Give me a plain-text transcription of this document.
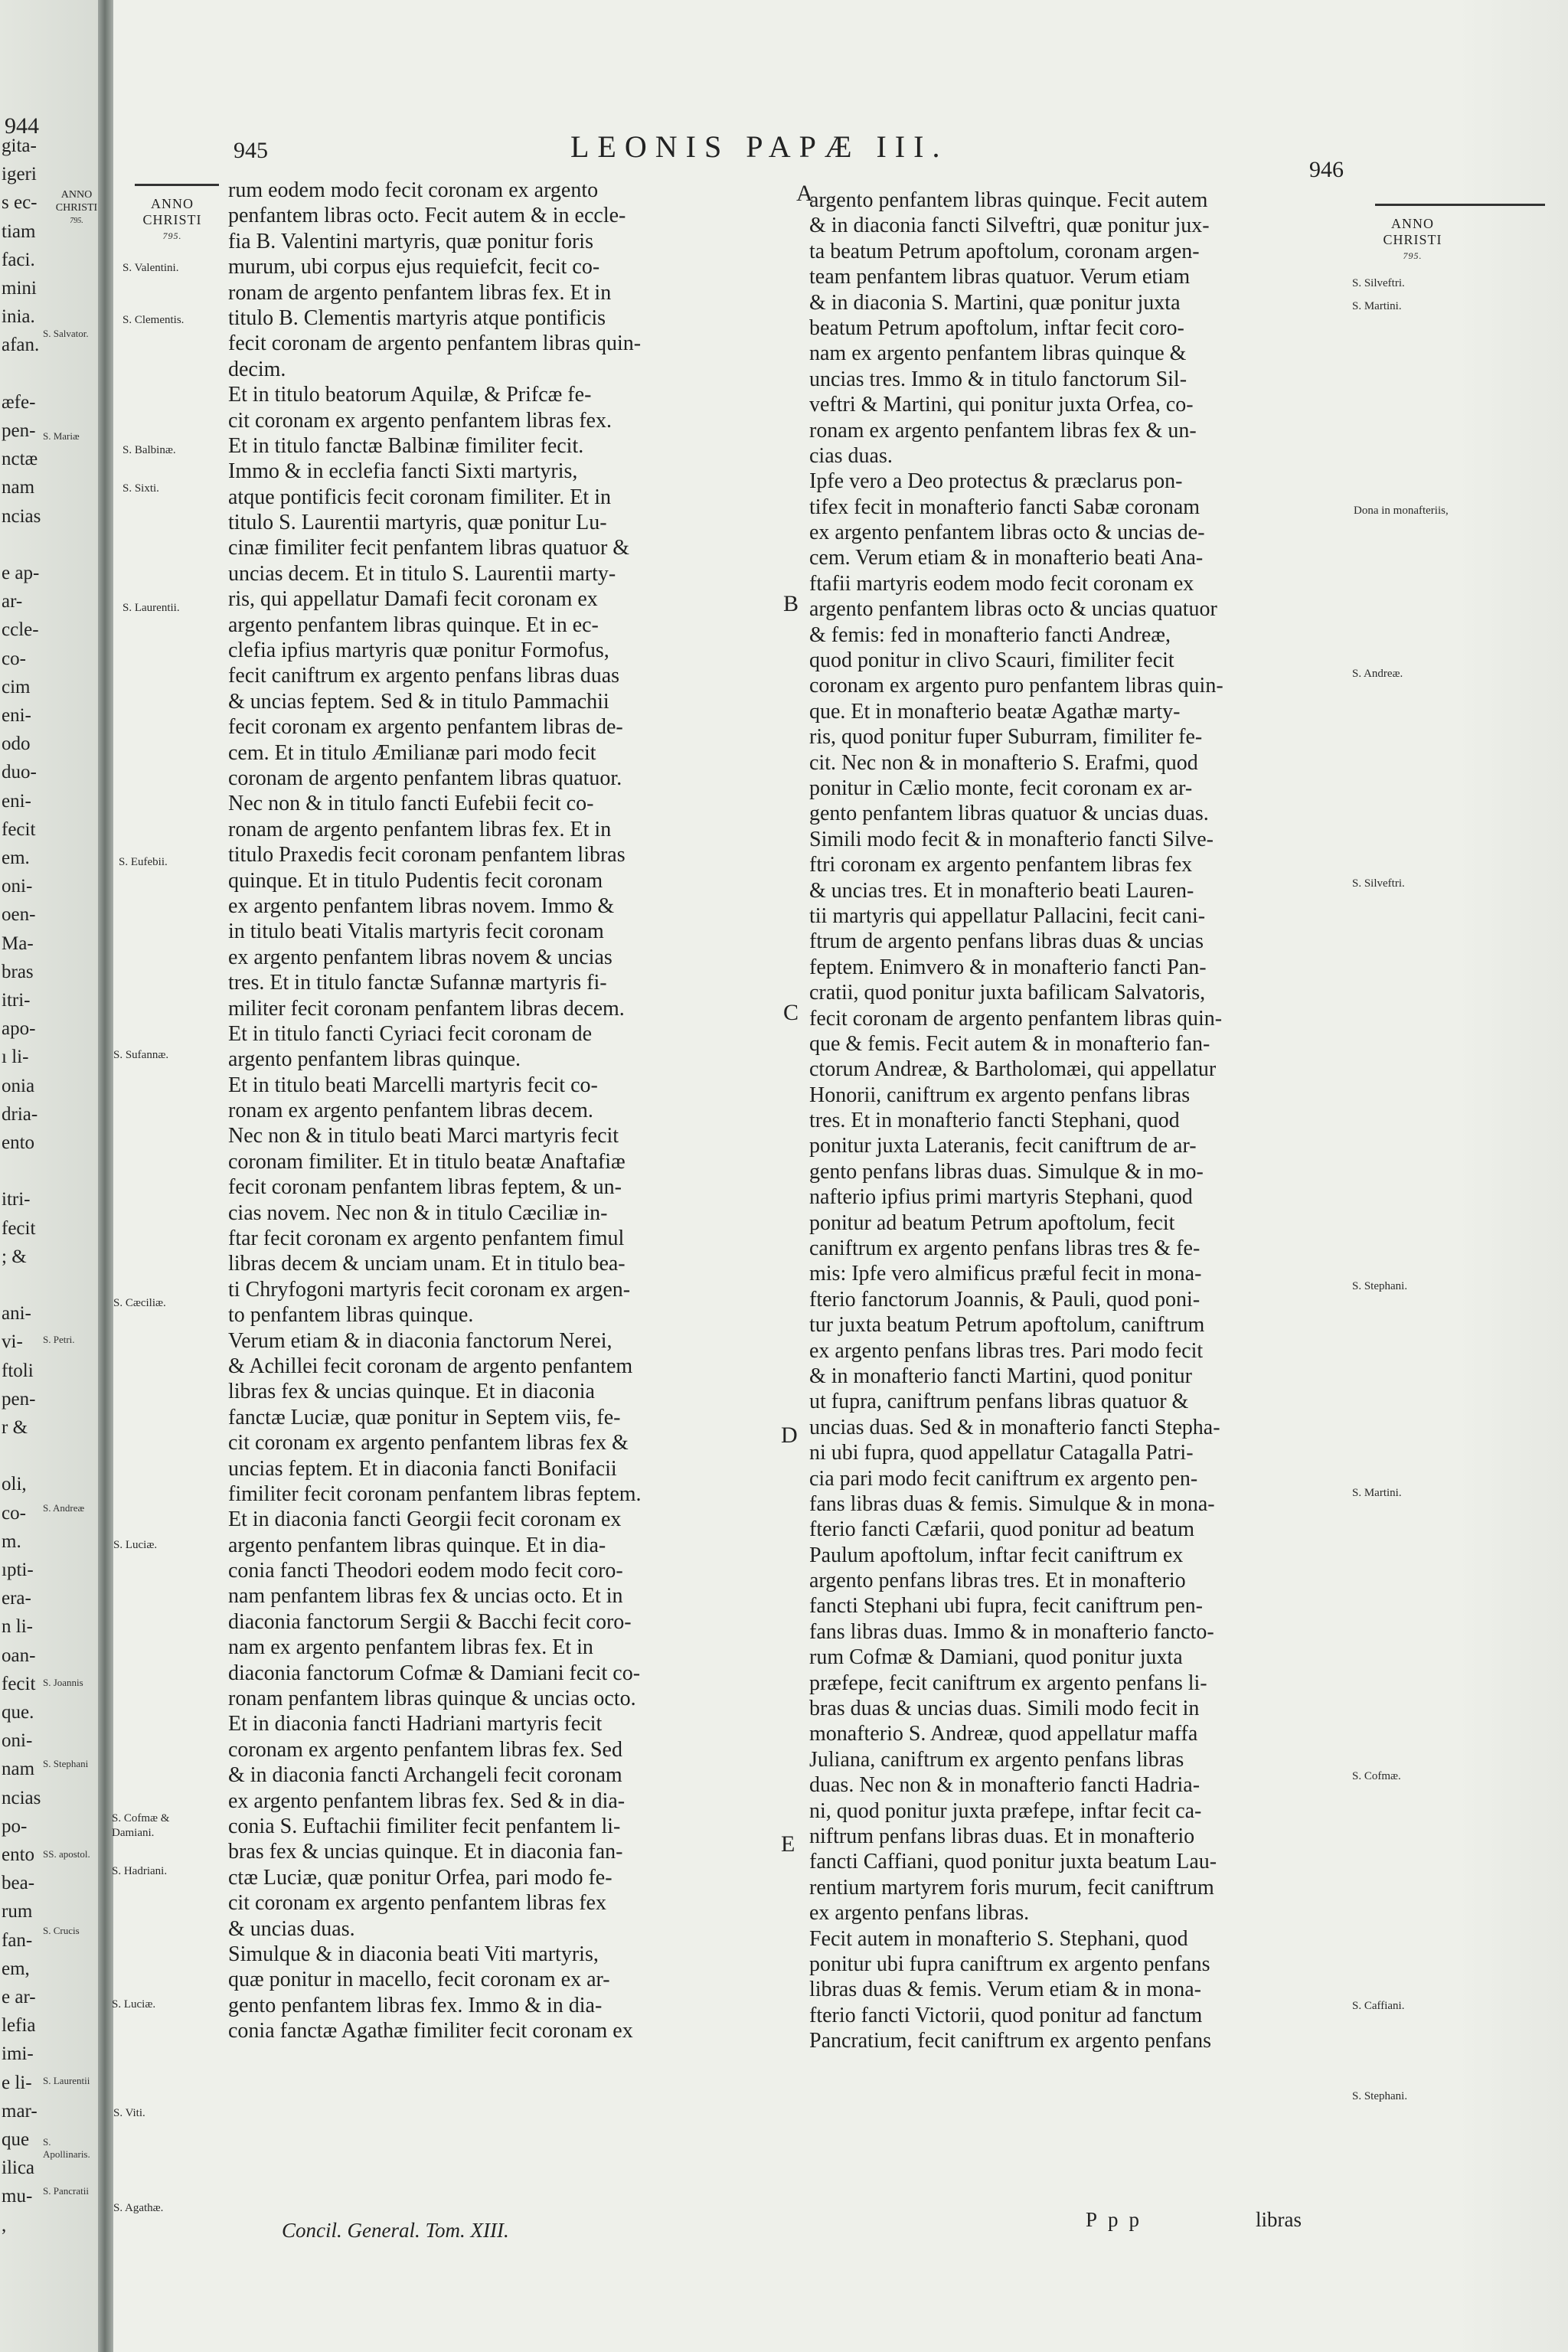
944
ANNO
CHRISTI
795.
gita-
igeri
s ec-
tiam
faci.
mini
inia.
afan.
æfe-
pen-
nctæ
nam
ncias
e ap-
ar-
ccle-
co-
cim
eni-
odo
duo-
eni-
fecit
em.
oni-
oen-
Ma-
bras
itri-
apo-
ı li-
onia
dria-
ento
itri-
fecit
; &
ani-
vi-
ftoli
pen-
r &
oli,
co-
m.
ıpti-
era-
n li-
oan-
fecit
que.
oni-
nam
ncias
po-
ento
bea-
rum
fan-
em,
e ar-
lefia
imi-
e li-
mar-
que
ilica
mu-
,
S. Salvator.
S. Mariæ
S. Petri.
S. Andreæ
S. Joannis
S. Stephani
SS. apostol.
S. Crucis
S. Laurentii
S. Apollinaris.
S. Pancratii
945	LEONIS PAPÆ III.
946
ANNO
CHRISTI
795.
ANNO
CHRISTI
795.
rum eodem modo fecit coronam ex argento
penfantem libras octo. Fecit autem & in eccle-
fia B. Valentini martyris, quæ ponitur foris
murum, ubi corpus ejus requiefcit, fecit co-
ronam de argento penfantem libras fex. Et in
titulo B. Clementis martyris atque pontificis
fecit coronam de argento penfantem libras quin-
decim.
Et in titulo beatorum Aquilæ, & Prifcæ fe-
cit coronam ex argento penfantem libras fex.
Et in titulo fanctæ Balbinæ fimiliter fecit.
Immo & in ecclefia fancti Sixti martyris,
atque pontificis fecit coronam fimiliter. Et in
titulo S. Laurentii martyris, quæ ponitur Lu-
cinæ fimiliter fecit penfantem libras quatuor &
uncias decem. Et in titulo S. Laurentii marty-
ris, qui appellatur Damafi fecit coronam ex
argento penfantem libras quinque. Et in ec-
clefia ipfius martyris quæ ponitur Formofus,
fecit caniftrum ex argento penfans libras duas
& uncias feptem. Sed & in titulo Pammachii
fecit coronam ex argento penfantem libras de-
cem. Et in titulo Æmilianæ pari modo fecit
coronam de argento penfantem libras quatuor.
Nec non & in titulo fancti Eufebii fecit co-
ronam de argento penfantem libras fex. Et in
titulo Praxedis fecit coronam penfantem libras
quinque. Et in titulo Pudentis fecit coronam
ex argento penfantem libras novem. Immo &
in titulo beati Vitalis martyris fecit coronam
ex argento penfantem libras novem & uncias
tres. Et in titulo fanctæ Sufannæ martyris fi-
militer fecit coronam penfantem libras decem.
Et in titulo fancti Cyriaci fecit coronam de
argento penfantem libras quinque.
Et in titulo beati Marcelli martyris fecit co-
ronam ex argento penfantem libras decem.
Nec non & in titulo beati Marci martyris fecit
coronam fimiliter. Et in titulo beatæ Anaftafiæ
fecit coronam penfantem libras feptem, & un-
cias novem. Nec non & in titulo Cæciliæ in-
ftar fecit coronam ex argento penfantem fimul
libras decem & unciam unam. Et in titulo bea-
ti Chryfogoni martyris fecit coronam ex argen-
to penfantem libras quinque.
Verum etiam & in diaconia fanctorum Nerei,
& Achillei fecit coronam de argento penfantem
libras fex & uncias quinque. Et in diaconia
fanctæ Luciæ, quæ ponitur in Septem viis, fe-
cit coronam ex argento penfantem libras fex &
uncias feptem. Et in diaconia fancti Bonifacii
fimiliter fecit coronam penfantem libras feptem.
Et in diaconia fancti Georgii fecit coronam ex
argento penfantem libras quinque. Et in dia-
conia fancti Theodori eodem modo fecit coro-
nam penfantem libras fex & uncias octo. Et in
diaconia fanctorum Sergii & Bacchi fecit coro-
nam ex argento penfantem libras fex. Et in
diaconia fanctorum Cofmæ & Damiani fecit co-
ronam penfantem libras quinque & uncias octo.
Et in diaconia fancti Hadriani martyris fecit
coronam ex argento penfantem libras fex. Sed
& in diaconia fancti Archangeli fecit coronam
ex argento penfantem libras fex. Sed & in dia-
conia S. Euftachii fimiliter fecit penfantem li-
bras fex & uncias quinque. Et in diaconia fan-
ctæ Luciæ, quæ ponitur Orfea, pari modo fe-
cit coronam ex argento penfantem libras fex
& uncias duas.
Simulque & in diaconia beati Viti martyris,
quæ ponitur in macello, fecit coronam ex ar-
gento penfantem libras fex. Immo & in dia-
conia fanctæ Agathæ fimiliter fecit coronam ex
argento penfantem libras quinque. Fecit autem
& in diaconia fancti Silveftri, quæ ponitur jux-
ta beatum Petrum apoftolum, coronam argen-
team penfantem libras quatuor. Verum etiam
& in diaconia S. Martini, quæ ponitur juxta
beatum Petrum apoftolum, inftar fecit coro-
nam ex argento penfantem libras quinque &
uncias tres. Immo & in titulo fanctorum Sil-
veftri & Martini, qui ponitur juxta Orfea, co-
ronam ex argento penfantem libras fex & un-
cias duas.
Ipfe vero a Deo protectus & præclarus pon-
tifex fecit in monafterio fancti Sabæ coronam
ex argento penfantem libras octo & uncias de-
cem. Verum etiam & in monafterio beati Ana-
ftafii martyris eodem modo fecit coronam ex
argento penfantem libras octo & uncias quatuor
& femis: fed in monafterio fancti Andreæ,
quod ponitur in clivo Scauri, fimiliter fecit
coronam ex argento puro penfantem libras quin-
que. Et in monafterio beatæ Agathæ marty-
ris, quod ponitur fuper Suburram, fimiliter fe-
cit. Nec non & in monafterio S. Erafmi, quod
ponitur in Cælio monte, fecit coronam ex ar-
gento penfantem libras quatuor & uncias duas.
Simili modo fecit & in monafterio fancti Silve-
ftri coronam ex argento penfantem libras fex
& uncias tres. Et in monafterio beati Lauren-
tii martyris qui appellatur Pallacini, fecit cani-
ftrum de argento penfans libras duas & uncias
feptem. Enimvero & in monafterio fancti Pan-
cratii, quod ponitur juxta bafilicam Salvatoris,
fecit coronam de argento penfantem libras quin-
que & femis. Fecit autem & in monafterio fan-
ctorum Andreæ, & Bartholomæi, qui appellatur
Honorii, caniftrum ex argento penfans libras
tres. Et in monafterio fancti Stephani, quod
ponitur juxta Lateranis, fecit caniftrum de ar-
gento penfans libras duas. Simulque & in mo-
nafterio ipfius primi martyris Stephani, quod
ponitur ad beatum Petrum apoftolum, fecit
caniftrum ex argento penfans libras tres & fe-
mis: Ipfe vero almificus præful fecit in mona-
fterio fanctorum Joannis, & Pauli, quod poni-
tur juxta beatum Petrum apoftolum, caniftrum
ex argento penfans libras tres. Pari modo fecit
& in monafterio fancti Martini, quod ponitur
ut fupra, caniftrum penfans libras quatuor &
uncias duas. Sed & in monafterio fancti Stepha-
ni ubi fupra, quod appellatur Catagalla Patri-
cia pari modo fecit caniftrum ex argento pen-
fans libras duas & femis. Simulque & in mona-
fterio fancti Cæfarii, quod ponitur ad beatum
Paulum apoftolum, inftar fecit caniftrum ex
argento penfans libras tres. Et in monafterio
fancti Stephani ubi fupra, fecit caniftrum pen-
fans libras duas. Immo & in monafterio fancto-
rum Cofmæ & Damiani, quod ponitur juxta
præfepe, fecit caniftrum ex argento penfans li-
bras duas & uncias duas. Simili modo fecit in
monafterio S. Andreæ, quod appellatur maffa
Juliana, caniftrum ex argento penfans libras
duas. Nec non & in monafterio fancti Hadria-
ni, quod ponitur juxta præfepe, inftar fecit ca-
niftrum penfans libras duas. Et in monafterio
fancti Caffiani, quod ponitur juxta beatum Lau-
rentium martyrem foris murum, fecit caniftrum
ex argento penfans libras.
Fecit autem in monafterio S. Stephani, quod
ponitur ubi fupra caniftrum ex argento penfans
libras duas & femis. Verum etiam & in mona-
fterio fancti Victorii, quod ponitur ad fanctum
Pancratium, fecit caniftrum ex argento penfans
A
B
C
D
E
S. Valentini.
S. Clementis.
S. Balbinæ.
S. Sixti.
S. Laurentii.
S. Eufebii.
S. Sufannæ.
S. Cæciliæ.
S. Luciæ.
S. Cofmæ & Damiani.
S. Hadriani.
S. Luciæ.
S. Viti.
S. Agathæ.
S. Silveftri.
S. Martini.
Dona in monafteriis,
S. Andreæ.
S. Silveftri.
S. Stephani.
S. Martini.
S. Cofmæ.
S. Caffiani.
S. Stephani.
Concil. General. Tom. XIII.	Ppp	libras
